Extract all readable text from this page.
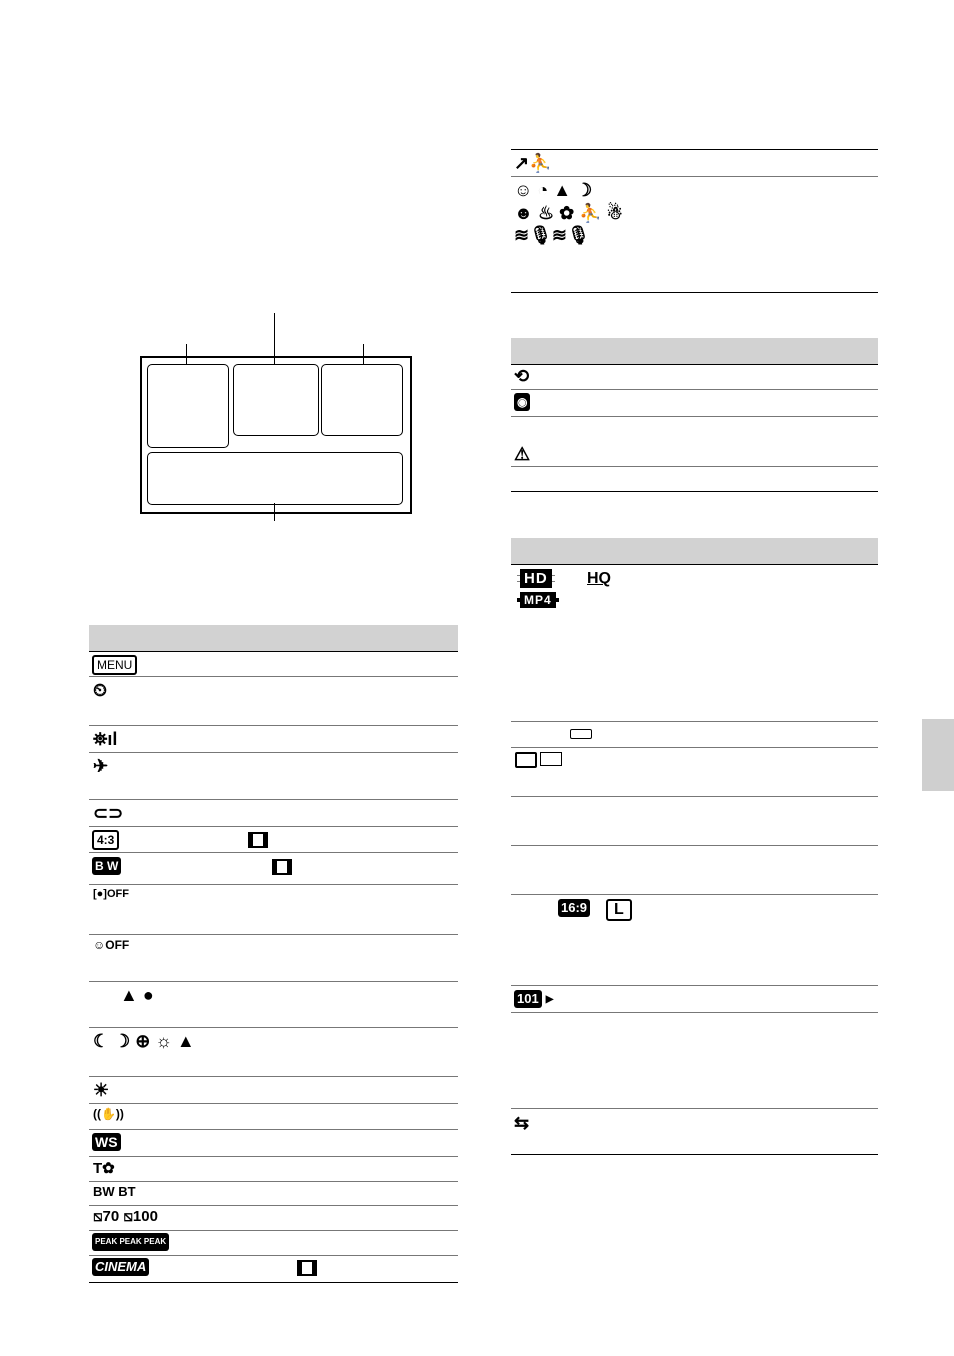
MENU
⏲
⛯ıl
✈
⊂⊃
4:3
B W
[●]OFF
☺OFF
▲ ●
☾ ☽ ⊕ ☼ ▲
☀
((✋))
WS
T✿
BW BT
⧅70 ⧅100
PEAK PEAK PEAK
CINEMA

↗⛹
☺ ◔ ▲ ☽
☻ ♨ ✿ ⛹ ☃
≋🎙≋🎙
⟲
◉
⚠
HD	HQ
MP4
16:9	L
101 ▶
⇆
